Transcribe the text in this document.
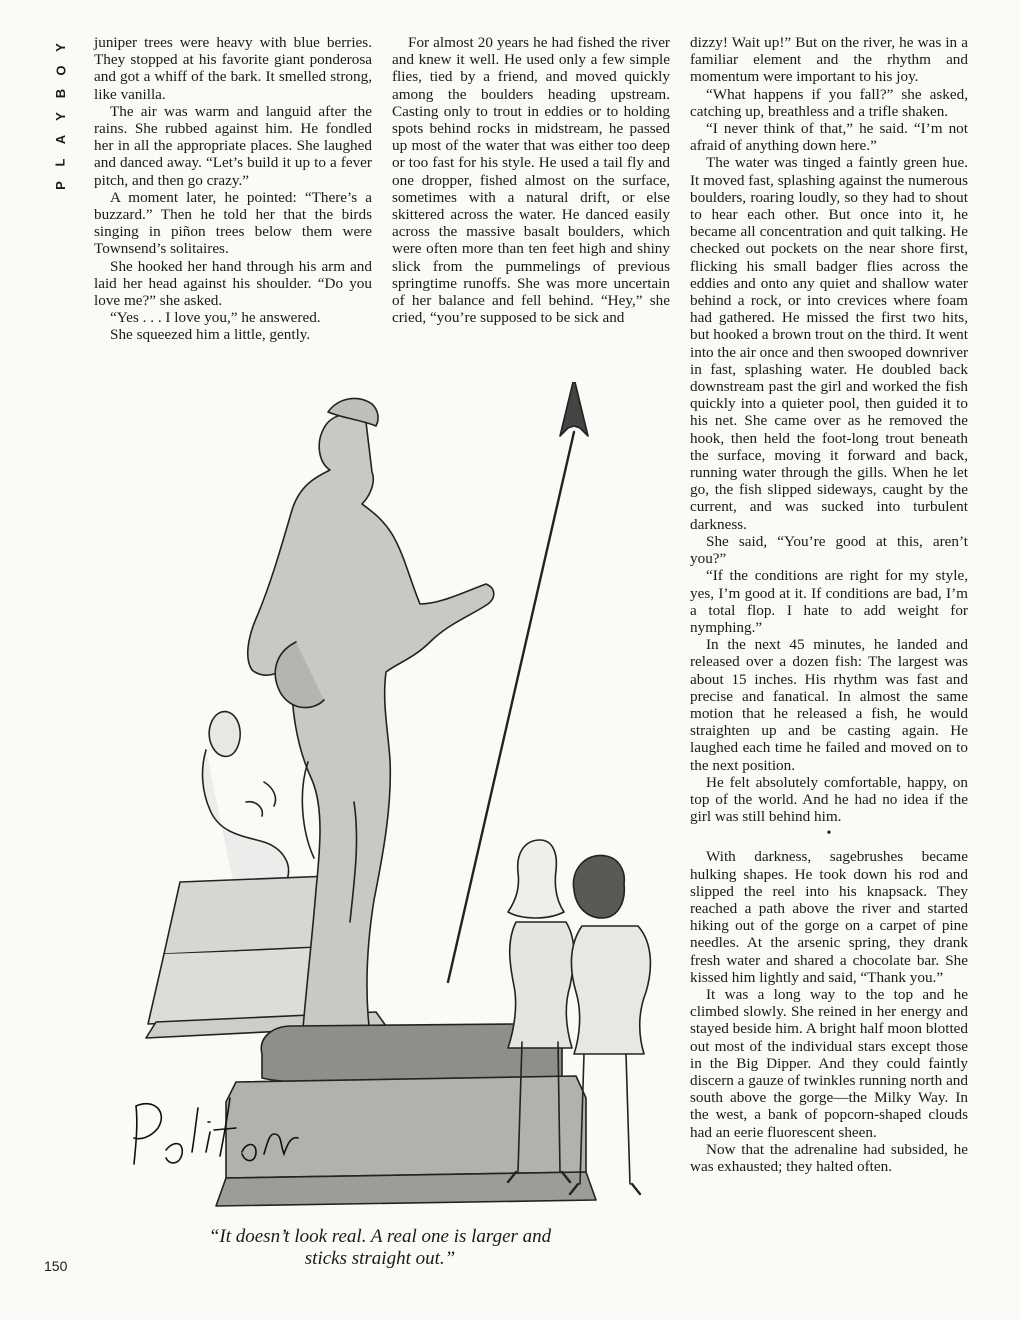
P
L
A
Y
B
O
Y juniper trees were heavy with blue berries. They stopped at his favorite giant ponderosa and got a whiff of the bark. It smelled strong, like vanilla.

The air was warm and languid after the rains. She rubbed against him. He fondled her in all the appropriate places. She laughed and danced away. “Let’s build it up to a fever pitch, and then go crazy.”

A moment later, he pointed: “There’s a buzzard.” Then he told her that the birds singing in piñon trees below them were Townsend’s solitaires.

She hooked her hand through his arm and laid her head against his shoulder. “Do you love me?” she asked.

“Yes . . . I love you,” he answered.

She squeezed him a little, gently.

For almost 20 years he had fished the river and knew it well. He used only a few simple flies, tied by a friend, and moved quickly among the boulders heading upstream. Casting only to trout in eddies or to holding spots behind rocks in midstream, he passed up most of the water that was either too deep or too fast for his style. He used a tail fly and one dropper, fished almost on the surface, sometimes with a natural drift, or else skittered across the water. He danced easily across the massive basalt boulders, which were often more than ten feet high and shiny slick from the pummelings of previous springtime runoffs. She was more uncertain of her balance and fell behind. “Hey,” she cried, “you’re supposed to be sick and

dizzy! Wait up!” But on the river, he was in a familiar element and the rhythm and momentum were important to his joy.

“What happens if you fall?” she asked, catching up, breathless and a trifle shaken.

“I never think of that,” he said. “I’m not afraid of anything down here.”

The water was tinged a faintly green hue. It moved fast, splashing against the numerous boulders, roaring loudly, so they had to shout to hear each other. But once into it, he became all concentration and quit talking. He checked out pockets on the near shore first, flicking his small badger flies across the eddies and onto any quiet and shallow water behind a rock, or into crevices where foam had gathered. He missed the first two hits, but hooked a brown trout on the third. It went into the air once and then swooped downriver in fast, splashing water. He doubled back downstream past the girl and worked the fish quickly into a quieter pool, then guided it to his net. She came over as he removed the hook, then held the foot-long trout beneath the surface, moving it forward and back, running water through the gills. When he let go, the fish slipped sideways, caught by the current, and was sucked into turbulent darkness.

She said, “You’re good at this, aren’t you?”

“If the conditions are right for my style, yes, I’m good at it. If conditions are bad, I’m a total flop. I hate to add weight for nymphing.”

In the next 45 minutes, he landed and released over a dozen fish: The largest was about 15 inches. His rhythm was fast and precise and fanatical. In almost the same motion that he released a fish, he would straighten up and be casting again. He laughed each time he failed and moved on to the next position.

He felt absolutely comfortable, happy, on top of the world. And he had no idea if the girl was still behind him.

•

With darkness, sagebrushes became hulking shapes. He took down his rod and slipped the reel into his knapsack. They reached a path above the river and started hiking out of the gorge on a carpet of pine needles. At the arsenic spring, they drank fresh water and shared a chocolate bar. She kissed him lightly and said, “Thank you.”

It was a long way to the top and he climbed slowly. She reined in her energy and stayed beside him. A bright half moon blotted out most of the individual stars except those in the Big Dipper. And they could faintly discern a gauze of twinkles running north and south above the gorge—the Milky Way. In the west, a bank of popcorn-shaped clouds had an eerie fluorescent sheen.

Now that the adrenaline had subsided, he was exhausted; they halted often.

“It doesn’t look real. A real one is larger and
sticks straight out.”
150
